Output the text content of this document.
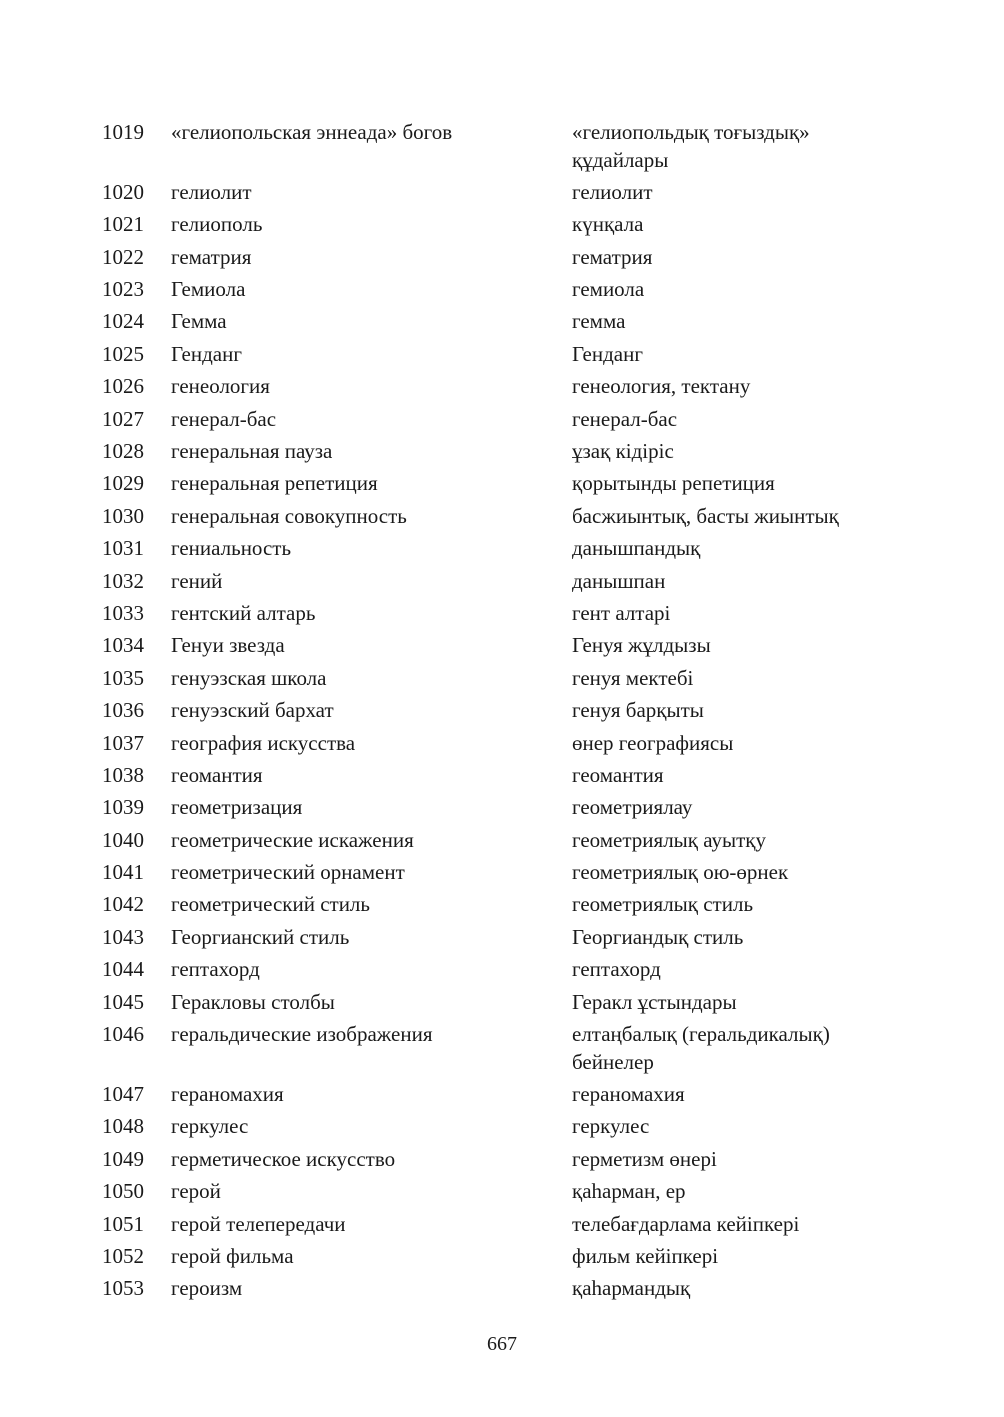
1019	«гелиопольская эннеада» богов	«гелиопольдық тоғыздық» құдайлары
1020	гелиолит	гелиолит
1021	гелиополь	күнқала
1022	гематрия	гематрия
1023	Гемиола	гемиола
1024	Гемма	гемма
1025	Генданг	Генданг
1026	генеология	генеология, тектану
1027	генерал-бас	генерал-бас
1028	генеральная пауза	ұзақ кідіріс
1029	генеральная репетиция	қорытынды репетиция
1030	генеральная совокупность	басжиынтық, басты жиынтық
1031	гениальность	данышпандық
1032	гений	данышпан
1033	гентский алтарь	гент алтарі
1034	Генуи звезда	Генуя жұлдызы
1035	генуэзская школа	генуя мектебі
1036	генуэзский бархат	генуя барқыты
1037	география искусства	өнер географиясы
1038	геомантия	геомантия
1039	геометризация	геометриялау
1040	геометрические искажения	геометриялық ауытқу
1041	геометрический орнамент	геометриялық ою-өрнек
1042	геометрический стиль	геометриялық стиль
1043	Георгианский стиль	Георгиандық стиль
1044	гептахорд	гептахорд
1045	Геракловы столбы	Геракл ұстындары
1046	геральдические изображения	елтаңбалық (геральдикалық) бейнелер
1047	гераномахия	гераномахия
1048	геркулес	геркулес
1049	герметическое искусство	герметизм өнері
1050	герой	қаһарман, ер
1051	герой телепередачи	телебағдарлама кейіпкері
1052	герой фильма	фильм кейіпкері
1053	героизм	қаһармандық
667
